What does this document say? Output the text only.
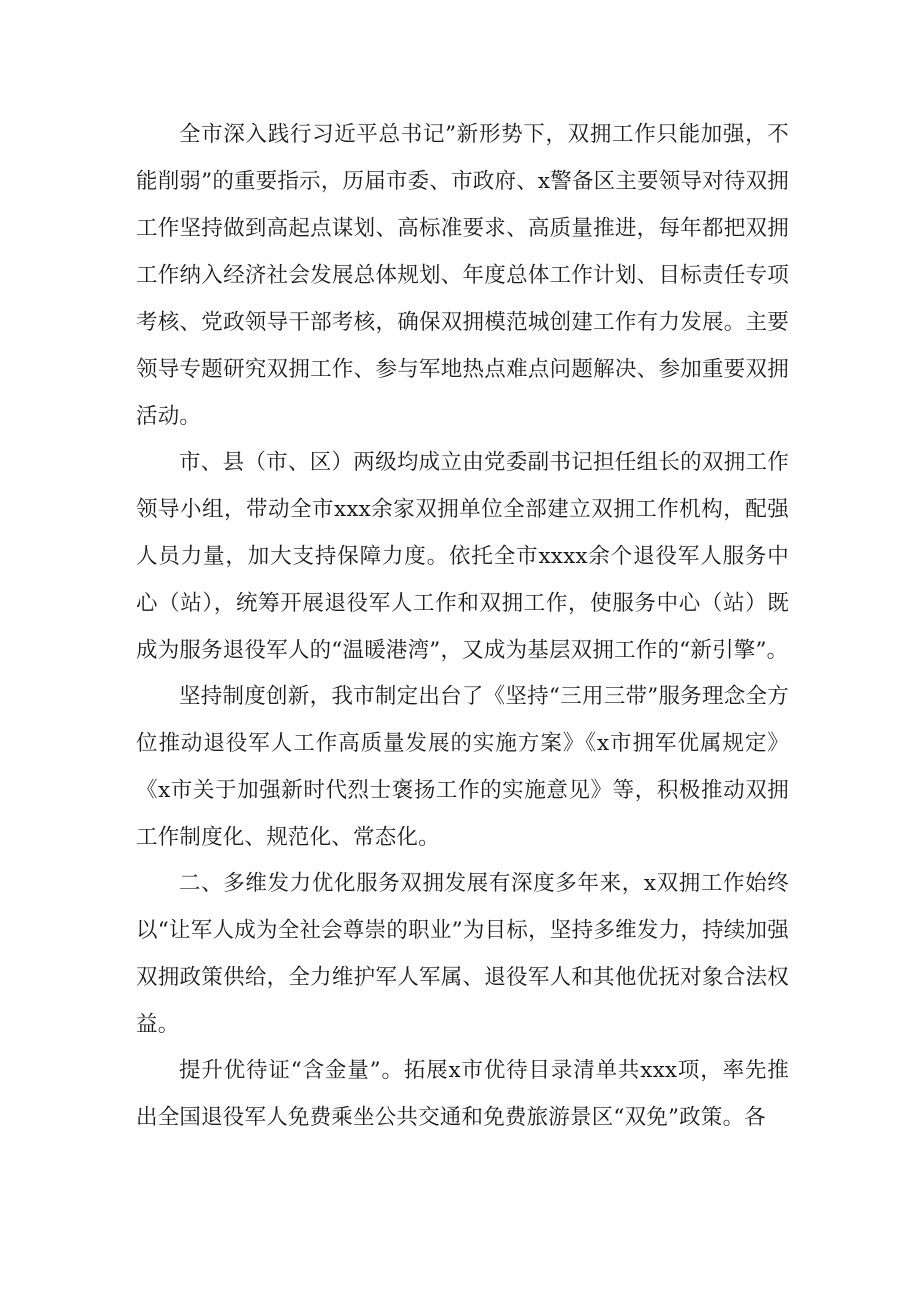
全市深入践行习近平总书记”新形势下，双拥工作只能加强，不能削弱”的重要指示，历届市委、市政府、x警备区主要领导对待双拥工作坚持做到高起点谋划、高标准要求、高质量推进，每年都把双拥工作纳入经济社会发展总体规划、年度总体工作计划、目标责任专项考核、党政领导干部考核，确保双拥模范城创建工作有力发展。主要领导专题研究双拥工作、参与军地热点难点问题解决、参加重要双拥活动。

市、县（市、区）两级均成立由党委副书记担任组长的双拥工作领导小组，带动全市xxx余家双拥单位全部建立双拥工作机构，配强人员力量，加大支持保障力度。依托全市xxxx余个退役军人服务中心（站），统筹开展退役军人工作和双拥工作，使服务中心（站）既成为服务退役军人的“温暖港湾”，又成为基层双拥工作的“新引擎”。

坚持制度创新，我市制定出台了《坚持“三用三带”服务理念全方位推动退役军人工作高质量发展的实施方案》《x市拥军优属规定》《x市关于加强新时代烈士褒扬工作的实施意见》等，积极推动双拥工作制度化、规范化、常态化。

二、多维发力优化服务双拥发展有深度多年来，x双拥工作始终以“让军人成为全社会尊崇的职业”为目标，坚持多维发力，持续加强双拥政策供给，全力维护军人军属、退役军人和其他优抚对象合法权益。

提升优待证“含金量”。拓展x市优待目录清单共xxx项，率先推出全国退役军人免费乘坐公共交通和免费旅游景区“双免”政策。各
